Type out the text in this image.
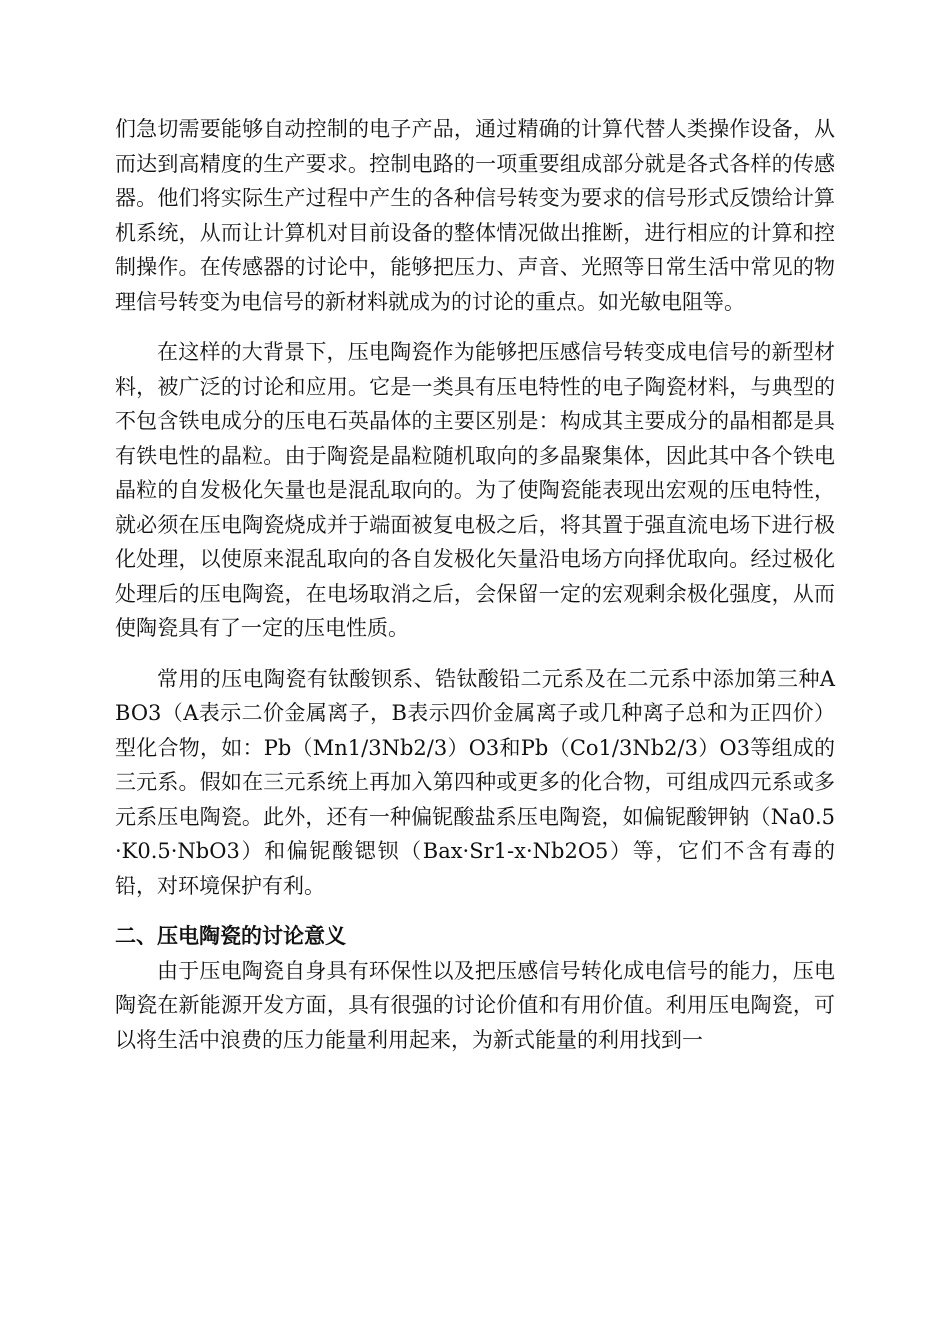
们急切需要能够自动控制的电子产品，通过精确的计算代替人类操作设备，从而达到高精度的生产要求。控制电路的一项重要组成部分就是各式各样的传感器。他们将实际生产过程中产生的各种信号转变为要求的信号形式反馈给计算机系统，从而让计算机对目前设备的整体情况做出推断，进行相应的计算和控制操作。在传感器的讨论中，能够把压力、声音、光照等日常生活中常见的物理信号转变为电信号的新材料就成为的讨论的重点。如光敏电阻等。

在这样的大背景下，压电陶瓷作为能够把压感信号转变成电信号的新型材料，被广泛的讨论和应用。它是一类具有压电特性的电子陶瓷材料，与典型的不包含铁电成分的压电石英晶体的主要区别是：构成其主要成分的晶相都是具有铁电性的晶粒。由于陶瓷是晶粒随机取向的多晶聚集体，因此其中各个铁电晶粒的自发极化矢量也是混乱取向的。为了使陶瓷能表现出宏观的压电特性，就必须在压电陶瓷烧成并于端面被复电极之后，将其置于强直流电场下进行极化处理，以使原来混乱取向的各自发极化矢量沿电场方向择优取向。经过极化处理后的压电陶瓷，在电场取消之后，会保留一定的宏观剩余极化强度，从而使陶瓷具有了一定的压电性质。

常用的压电陶瓷有钛酸钡系、锆钛酸铅二元系及在二元系中添加第三种ABO3（A表示二价金属离子，B表示四价金属离子或几种离子总和为正四价）型化合物，如：Pb（Mn1/3Nb2/3）O3和Pb（Co1/3Nb2/3）O3等组成的三元系。假如在三元系统上再加入第四种或更多的化合物，可组成四元系或多元系压电陶瓷。此外，还有一种偏铌酸盐系压电陶瓷，如偏铌酸钾钠（Na0.5·K0.5·NbO3）和偏铌酸锶钡（Bax·Sr1-x·Nb2O5）等，它们不含有毒的铅，对环境保护有利。

二、压电陶瓷的讨论意义

由于压电陶瓷自身具有环保性以及把压感信号转化成电信号的能力，压电陶瓷在新能源开发方面，具有很强的讨论价值和有用价值。利用压电陶瓷，可以将生活中浪费的压力能量利用起来，为新式能量的利用找到一
